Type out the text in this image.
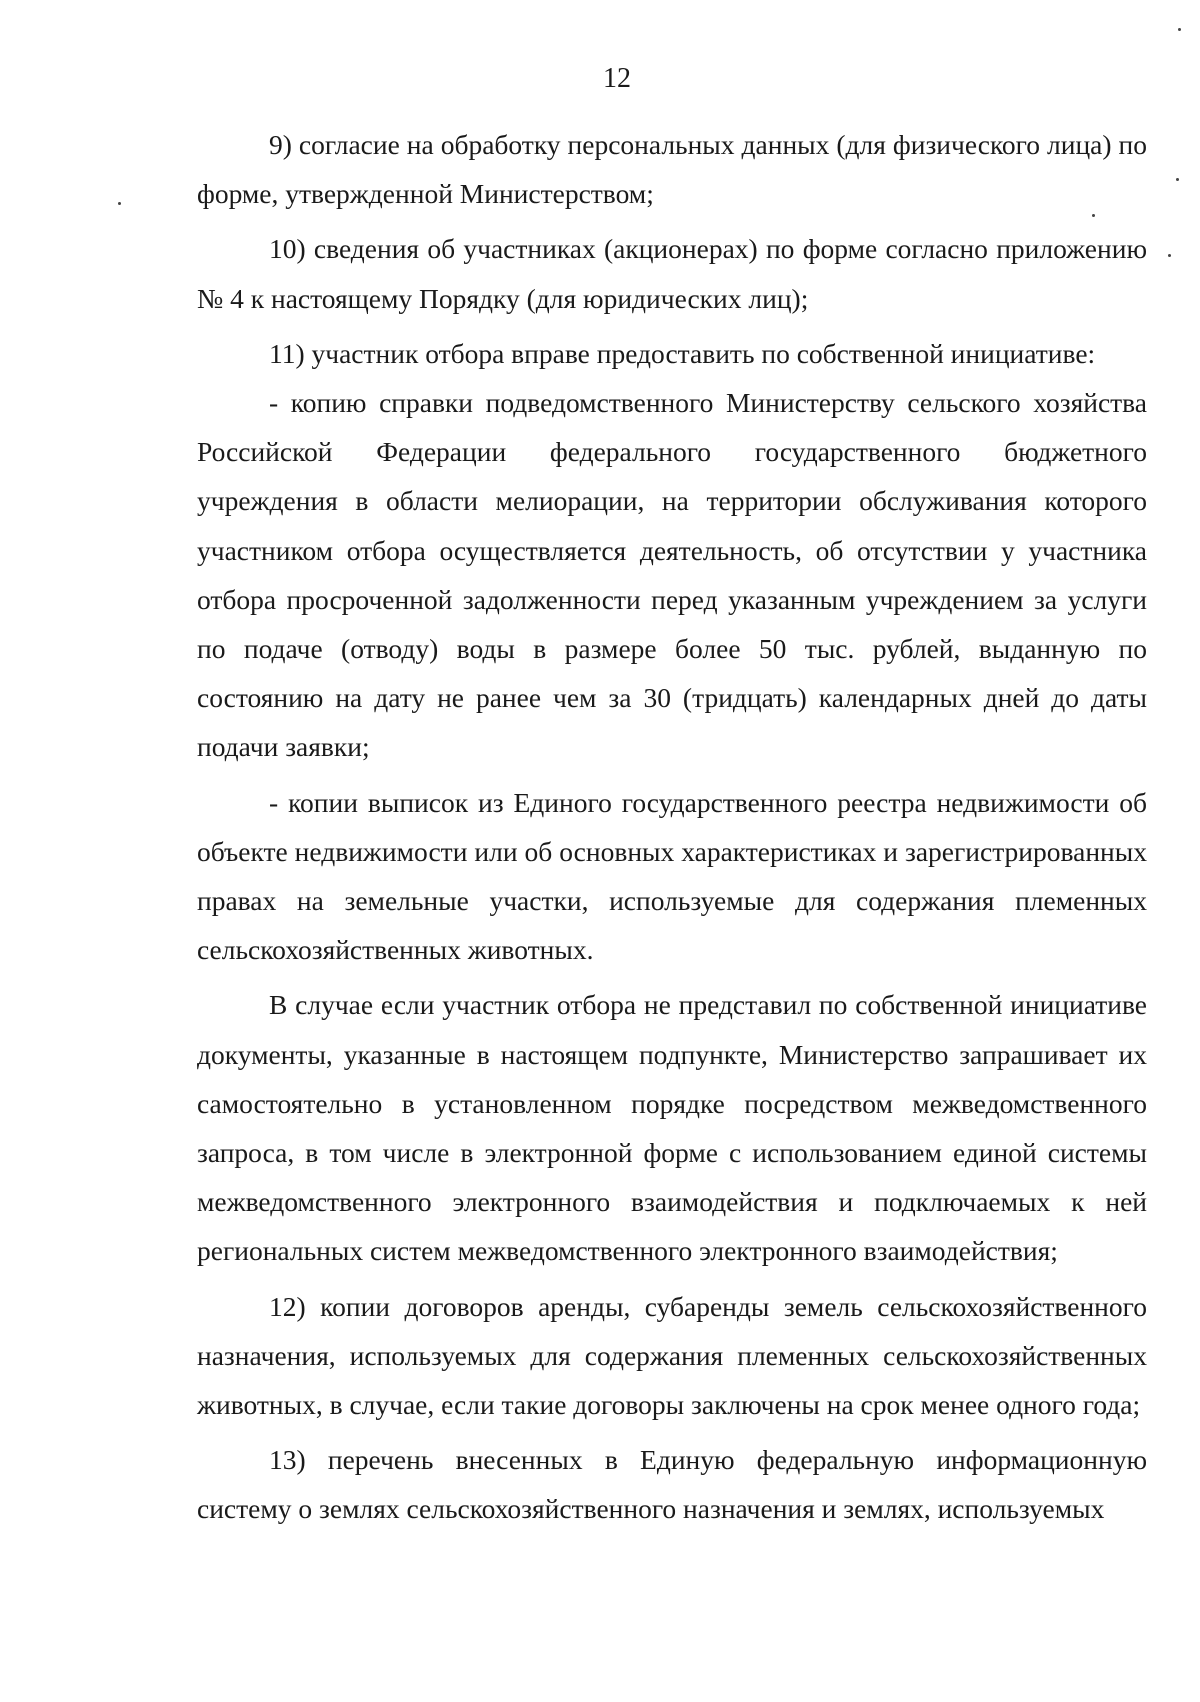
12

9) согласие на обработку персональных данных (для физического лица) по форме, утвержденной Министерством;

10) сведения об участниках (акционерах) по форме согласно приложению № 4 к настоящему Порядку (для юридических лиц);

11) участник отбора вправе предоставить по собственной инициативе:

- копию справки подведомственного Министерству сельского хозяйства Российской Федерации федерального государственного бюджетного учреждения в области мелиорации, на территории обслуживания которого участником отбора осуществляется деятельность, об отсутствии у участника отбора просроченной задолженности перед указанным учреждением за услуги по подаче (отводу) воды в размере более 50 тыс. рублей, выданную по состоянию на дату не ранее чем за 30 (тридцать) календарных дней до даты подачи заявки;

- копии выписок из Единого государственного реестра недвижимости об объекте недвижимости или об основных характеристиках и зарегистрированных правах на земельные участки, используемые для содержания племенных сельскохозяйственных животных.

В случае если участник отбора не представил по собственной инициативе документы, указанные в настоящем подпункте, Министерство запрашивает их самостоятельно в установленном порядке посредством межведомственного запроса, в том числе в электронной форме с использованием единой системы межведомственного электронного взаимодействия и подключаемых к ней региональных систем межведомственного электронного взаимодействия;

12) копии договоров аренды, субаренды земель сельскохозяйственного назначения, используемых для содержания племенных сельскохозяйственных животных, в случае, если такие договоры заключены на срок менее одного года;

13) перечень внесенных в Единую федеральную информационную систему о землях сельскохозяйственного назначения и землях, используемых
